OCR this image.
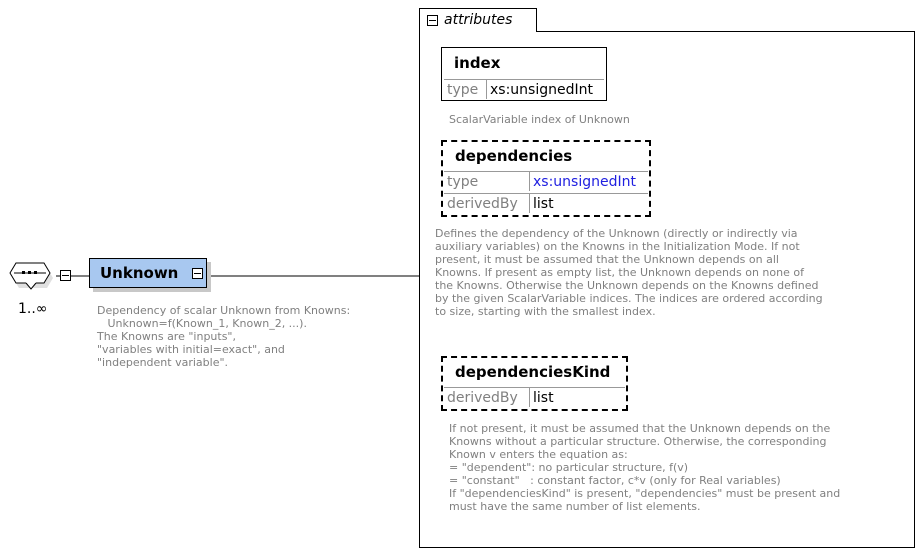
1..∞
Unknown
Dependency of scalar Unknown from Knowns:
Unknown=f(Known_1, Known_2, ...).
The Knowns are "inputs",
"variables with initial=exact", and
"independent variable".
attributes
index
type xs:unsignedInt
ScalarVariable index of Unknown
dependencies
type	xs:unsignedInt
derivedBy	list
Defines the dependency of the Unknown (directly or indirectly via
auxiliary variables) on the Knowns in the Initialization Mode. If not
present, it must be assumed that the Unknown depends on all
Knowns. If present as empty list, the Unknown depends on none of
the Knowns. Otherwise the Unknown depends on the Knowns defined
by the given ScalarVariable indices. The indices are ordered according
to size, starting with the smallest index.
dependenciesKind
derivedBy	list
If not present, it must be assumed that the Unknown depends on the
Knowns without a particular structure. Otherwise, the corresponding
Known v enters the equation as:
= "dependent": no particular structure, f(v)
= "constant"   : constant factor, c*v (only for Real variables)
If "dependenciesKind" is present, "dependencies" must be present and
must have the same number of list elements.
